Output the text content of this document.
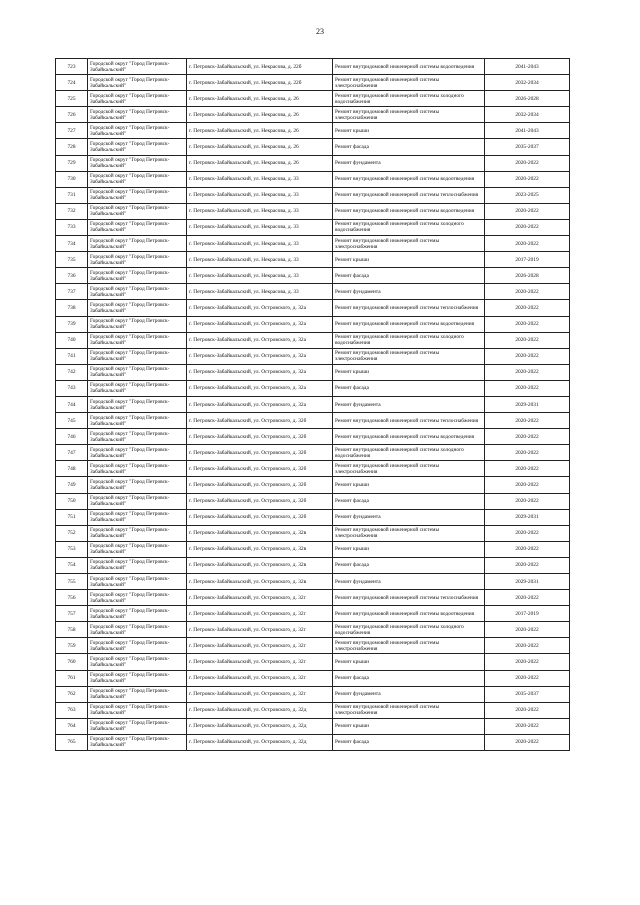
23
723	Городской округ "Город Петровск-Забайкальский"	г. Петровск-Забайкальский, ул. Некрасова, д. 22б	Ремонт внутридомовой инженерной системы водоотведения	2041-2043
724	Городской округ "Город Петровск-Забайкальский"	г. Петровск-Забайкальский, ул. Некрасова, д. 22б	Ремонт внутридомовой инженерной системы электроснабжения	2032-2034
725	Городской округ "Город Петровск-Забайкальский"	г. Петровск-Забайкальский, ул. Некрасова, д. 26	Ремонт внутридомовой инженерной системы холодного водоснабжения	2026-2028
726	Городской округ "Город Петровск-Забайкальский"	г. Петровск-Забайкальский, ул. Некрасова, д. 26	Ремонт внутридомовой инженерной системы электроснабжения	2032-2034
727	Городской округ "Город Петровск-Забайкальский"	г. Петровск-Забайкальский, ул. Некрасова, д. 26	Ремонт крыши	2041-2043
728	Городской округ "Город Петровск-Забайкальский"	г. Петровск-Забайкальский, ул. Некрасова, д. 26	Ремонт фасада	2035-2037
729	Городской округ "Город Петровск-Забайкальский"	г. Петровск-Забайкальский, ул. Некрасова, д. 26	Ремонт фундамента	2020-2022
730	Городской округ "Город Петровск-Забайкальский"	г. Петровск-Забайкальский, ул. Некрасова, д. 33	Ремонт внутридомовой инженерной системы водоотведения	2020-2022
731	Городской округ "Город Петровск-Забайкальский"	г. Петровск-Забайкальский, ул. Некрасова, д. 33	Ремонт внутридомовой инженерной системы теплоснабжения	2023-2025
732	Городской округ "Город Петровск-Забайкальский"	г. Петровск-Забайкальский, ул. Некрасова, д. 33	Ремонт внутридомовой инженерной системы водоотведения	2020-2022
733	Городской округ "Город Петровск-Забайкальский"	г. Петровск-Забайкальский, ул. Некрасова, д. 33	Ремонт внутридомовой инженерной системы холодного водоснабжения	2020-2022
734	Городской округ "Город Петровск-Забайкальский"	г. Петровск-Забайкальский, ул. Некрасова, д. 33	Ремонт внутридомовой инженерной системы электроснабжения	2020-2022
735	Городской округ "Город Петровск-Забайкальский"	г. Петровск-Забайкальский, ул. Некрасова, д. 33	Ремонт крыши	2017-2019
736	Городской округ "Город Петровск-Забайкальский"	г. Петровск-Забайкальский, ул. Некрасова, д. 33	Ремонт фасада	2026-2028
737	Городской округ "Город Петровск-Забайкальский"	г. Петровск-Забайкальский, ул. Некрасова, д. 33	Ремонт фундамента	2020-2022
738	Городской округ "Город Петровск-Забайкальский"	г. Петровск-Забайкальский, ул. Островского, д. 32а	Ремонт внутридомовой инженерной системы теплоснабжения	2020-2022
739	Городской округ "Город Петровск-Забайкальский"	г. Петровск-Забайкальский, ул. Островского, д. 32а	Ремонт внутридомовой инженерной системы водоотведения	2020-2022
740	Городской округ "Город Петровск-Забайкальский"	г. Петровск-Забайкальский, ул. Островского, д. 32а	Ремонт внутридомовой инженерной системы холодного водоснабжения	2020-2022
741	Городской округ "Город Петровск-Забайкальский"	г. Петровск-Забайкальский, ул. Островского, д. 32а	Ремонт внутридомовой инженерной системы электроснабжения	2020-2022
742	Городской округ "Город Петровск-Забайкальский"	г. Петровск-Забайкальский, ул. Островского, д. 32а	Ремонт крыши	2020-2022
743	Городской округ "Город Петровск-Забайкальский"	г. Петровск-Забайкальский, ул. Островского, д. 32а	Ремонт фасада	2020-2022
744	Городской округ "Город Петровск-Забайкальский"	г. Петровск-Забайкальский, ул. Островского, д. 32а	Ремонт фундамента	2029-2031
745	Городской округ "Город Петровск-Забайкальский"	г. Петровск-Забайкальский, ул. Островского, д. 32б	Ремонт внутридомовой инженерной системы теплоснабжения	2020-2022
746	Городской округ "Город Петровск-Забайкальский"	г. Петровск-Забайкальский, ул. Островского, д. 32б	Ремонт внутридомовой инженерной системы водоотведения	2020-2022
747	Городской округ "Город Петровск-Забайкальский"	г. Петровск-Забайкальский, ул. Островского, д. 32б	Ремонт внутридомовой инженерной системы холодного водоснабжения	2020-2022
748	Городской округ "Город Петровск-Забайкальский"	г. Петровск-Забайкальский, ул. Островского, д. 32б	Ремонт внутридомовой инженерной системы электроснабжения	2020-2022
749	Городской округ "Город Петровск-Забайкальский"	г. Петровск-Забайкальский, ул. Островского, д. 32б	Ремонт крыши	2020-2022
750	Городской округ "Город Петровск-Забайкальский"	г. Петровск-Забайкальский, ул. Островского, д. 32б	Ремонт фасада	2020-2022
751	Городской округ "Город Петровск-Забайкальский"	г. Петровск-Забайкальский, ул. Островского, д. 32б	Ремонт фундамента	2029-2031
752	Городской округ "Город Петровск-Забайкальский"	г. Петровск-Забайкальский, ул. Островского, д. 32в	Ремонт внутридомовой инженерной системы электроснабжения	2020-2022
753	Городской округ "Город Петровск-Забайкальский"	г. Петровск-Забайкальский, ул. Островского, д. 32в	Ремонт крыши	2020-2022
754	Городской округ "Город Петровск-Забайкальский"	г. Петровск-Забайкальский, ул. Островского, д. 32в	Ремонт фасада	2020-2022
755	Городской округ "Город Петровск-Забайкальский"	г. Петровск-Забайкальский, ул. Островского, д. 32в	Ремонт фундамента	2029-2031
756	Городской округ "Город Петровск-Забайкальский"	г. Петровск-Забайкальский, ул. Островского, д. 32г	Ремонт внутридомовой инженерной системы теплоснабжения	2020-2022
757	Городской округ "Город Петровск-Забайкальский"	г. Петровск-Забайкальский, ул. Островского, д. 32г	Ремонт внутридомовой инженерной системы водоотведения	2017-2019
758	Городской округ "Город Петровск-Забайкальский"	г. Петровск-Забайкальский, ул. Островского, д. 32г	Ремонт внутридомовой инженерной системы холодного водоснабжения	2020-2022
759	Городской округ "Город Петровск-Забайкальский"	г. Петровск-Забайкальский, ул. Островского, д. 32г	Ремонт внутридомовой инженерной системы электроснабжения	2020-2022
760	Городской округ "Город Петровск-Забайкальский"	г. Петровск-Забайкальский, ул. Островского, д. 32г	Ремонт крыши	2020-2022
761	Городской округ "Город Петровск-Забайкальский"	г. Петровск-Забайкальский, ул. Островского, д. 32г	Ремонт фасада	2020-2022
762	Городской округ "Город Петровск-Забайкальский"	г. Петровск-Забайкальский, ул. Островского, д. 32г	Ремонт фундамента	2035-2037
763	Городской округ "Город Петровск-Забайкальский"	г. Петровск-Забайкальский, ул. Островского, д. 32д	Ремонт внутридомовой инженерной системы электроснабжения	2020-2022
764	Городской округ "Город Петровск-Забайкальский"	г. Петровск-Забайкальский, ул. Островского, д. 32д	Ремонт крыши	2020-2022
765	Городской округ "Город Петровск-Забайкальский"	г. Петровск-Забайкальский, ул. Островского, д. 32д	Ремонт фасада	2020-2022
